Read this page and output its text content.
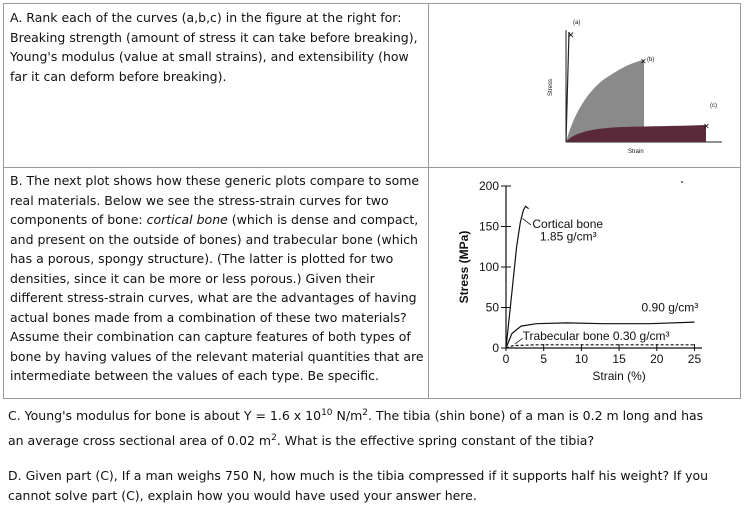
A. Rank each of the curves (a,b,c) in the figure at the right for: Breaking strength (amount of stress it can take before breaking), Young's modulus (value at small strains), and extensibility (how far it can deform before breaking).

✕
✕
✕
(a)
(b)
(c)
Stress
Strain

B. The next plot shows how these generic plots compare to some

real materials. Below we see the stress-strain curves for two

components of bone: cortical bone (which is dense and compact,

and present on the outside of bones) and trabecular bone (which

has a porous, spongy structure). (The latter is plotted for two

densities, since it can be more or less porous.) Given their

different stress-strain curves, what are the advantages of having

actual bones made from a combination of these two materials?

Assume their combination can capture features of both types of

bone by having values of the relevant material quantities that are

intermediate between the values of each type. Be specific.

0
50
100
150
200
0	5 10 15 20 25
Stress (MPa)
Strain (%)
Cortical bone
1.85 g/cm³
0.90 g/cm³
Trabecular bone 0.30 g/cm³

C. Young's modulus for bone is about Y = 1.6 x $10^{10}$ $N/m^2$. The tibia (shin bone) of a man is 0.2 m long and has

an average cross sectional area of 0.02 $m^2$. What is the effective spring constant of the tibia?

D. Given part (C), If a man weighs 750 N, how much is the tibia compressed if it supports half his weight? If you

cannot solve part (C), explain how you would have used your answer here.
